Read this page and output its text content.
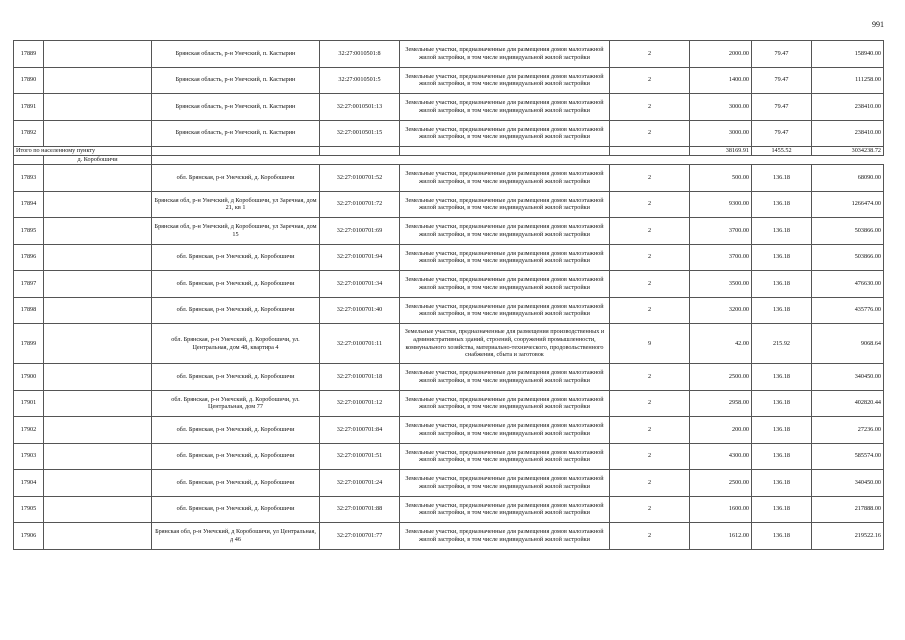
991
17889		Брянская область, р-н Унечский, п. Кастырин	32:27:0010501:8	Земельные участки, предназначенные для размещения домов малоэтажной жилой застройки, в том числе индивидуальной жилой застройки	2	2000.00	79.47	158940.00
17890		Брянская область, р-н Унечский, п. Кастырин	32:27:0010501:5	Земельные участки, предназначенные для размещения домов малоэтажной жилой застройки, в том числе индивидуальной жилой застройки	2	1400.00	79.47	111258.00
17891		Брянская область, р-н Унечский, п. Кастырин	32:27:0010501:13	Земельные участки, предназначенные для размещения домов малоэтажной жилой застройки, в том числе индивидуальной жилой застройки	2	3000.00	79.47	238410.00
17892		Брянская область, р-н Унечский, п. Кастырин	32:27:0010501:15	Земельные участки, предназначенные для размещения домов малоэтажной жилой застройки, в том числе индивидуальной жилой застройки	2	3000.00	79.47	238410.00
Итого по населенному пункту						38169.91	1455.52	3034238.72
	д. Коробошичи							
17893		обл. Брянская, р-н Унечский, д. Коробошичи	32:27:0100701:52	Земельные участки, предназначенные для размещения домов малоэтажной жилой застройки, в том числе индивидуальной жилой застройки	2	500.00	136.18	68090.00
17894		Брянская обл, р-н Унечский, д Коробошичи, ул Заречная, дом 21, кв 1	32:27:0100701:72	Земельные участки, предназначенные для размещения домов малоэтажной жилой застройки, в том числе индивидуальной жилой застройки	2	9300.00	136.18	1266474.00
17895		Брянская обл, р-н Унечский, д Коробошичи, ул Заречная, дом 15	32:27:0100701:69	Земельные участки, предназначенные для размещения домов малоэтажной жилой застройки, в том числе индивидуальной жилой застройки	2	3700.00	136.18	503866.00
17896		обл. Брянская, р-н Унечский, д. Коробошичи	32:27:0100701:94	Земельные участки, предназначенные для размещения домов малоэтажной жилой застройки, в том числе индивидуальной жилой застройки	2	3700.00	136.18	503866.00
17897		обл. Брянская, р-н Унечский, д. Коробошичи	32:27:0100701:34	Земельные участки, предназначенные для размещения домов малоэтажной жилой застройки, в том числе индивидуальной жилой застройки	2	3500.00	136.18	476630.00
17898		обл. Брянская, р-н Унечский, д. Коробошичи	32:27:0100701:40	Земельные участки, предназначенные для размещения домов малоэтажной жилой застройки, в том числе индивидуальной жилой застройки	2	3200.00	136.18	435776.00
17899		обл. Брянская, р-н Унечский, д. Коробошичи, ул. Центральная, дом 48, квартира 4	32:27:0100701:11	Земельные участки, предназначенные для размещения производственных и административных зданий, строений, сооружений промышленности, коммунального хозяйства, материально-технического, продовольственного снабжения, сбыта и заготовок	9	42.00	215.92	9068.64
17900		обл. Брянская, р-н Унечский, д. Коробошичи	32:27:0100701:18	Земельные участки, предназначенные для размещения домов малоэтажной жилой застройки, в том числе индивидуальной жилой застройки	2	2500.00	136.18	340450.00
17901		обл. Брянская, р-н Унечский, д. Коробошичи, ул. Центральная, дом 77	32:27:0100701:12	Земельные участки, предназначенные для размещения домов малоэтажной жилой застройки, в том числе индивидуальной жилой застройки	2	2958.00	136.18	402820.44
17902		обл. Брянская, р-н Унечский, д. Коробошичи	32:27:0100701:84	Земельные участки, предназначенные для размещения домов малоэтажной жилой застройки, в том числе индивидуальной жилой застройки	2	200.00	136.18	27236.00
17903		обл. Брянская, р-н Унечский, д. Коробошичи	32:27:0100701:51	Земельные участки, предназначенные для размещения домов малоэтажной жилой застройки, в том числе индивидуальной жилой застройки	2	4300.00	136.18	585574.00
17904		обл. Брянская, р-н Унечский, д. Коробошичи	32:27:0100701:24	Земельные участки, предназначенные для размещения домов малоэтажной жилой застройки, в том числе индивидуальной жилой застройки	2	2500.00	136.18	340450.00
17905		обл. Брянская, р-н Унечский, д. Коробошичи	32:27:0100701:88	Земельные участки, предназначенные для размещения домов малоэтажной жилой застройки, в том числе индивидуальной жилой застройки	2	1600.00	136.18	217888.00
17906		Брянская обл, р-н Унечский, д Коробошичи, ул Центральная, д 46	32:27:0100701:77	Земельные участки, предназначенные для размещения домов малоэтажной жилой застройки, в том числе индивидуальной жилой застройки	2	1612.00	136.18	219522.16
